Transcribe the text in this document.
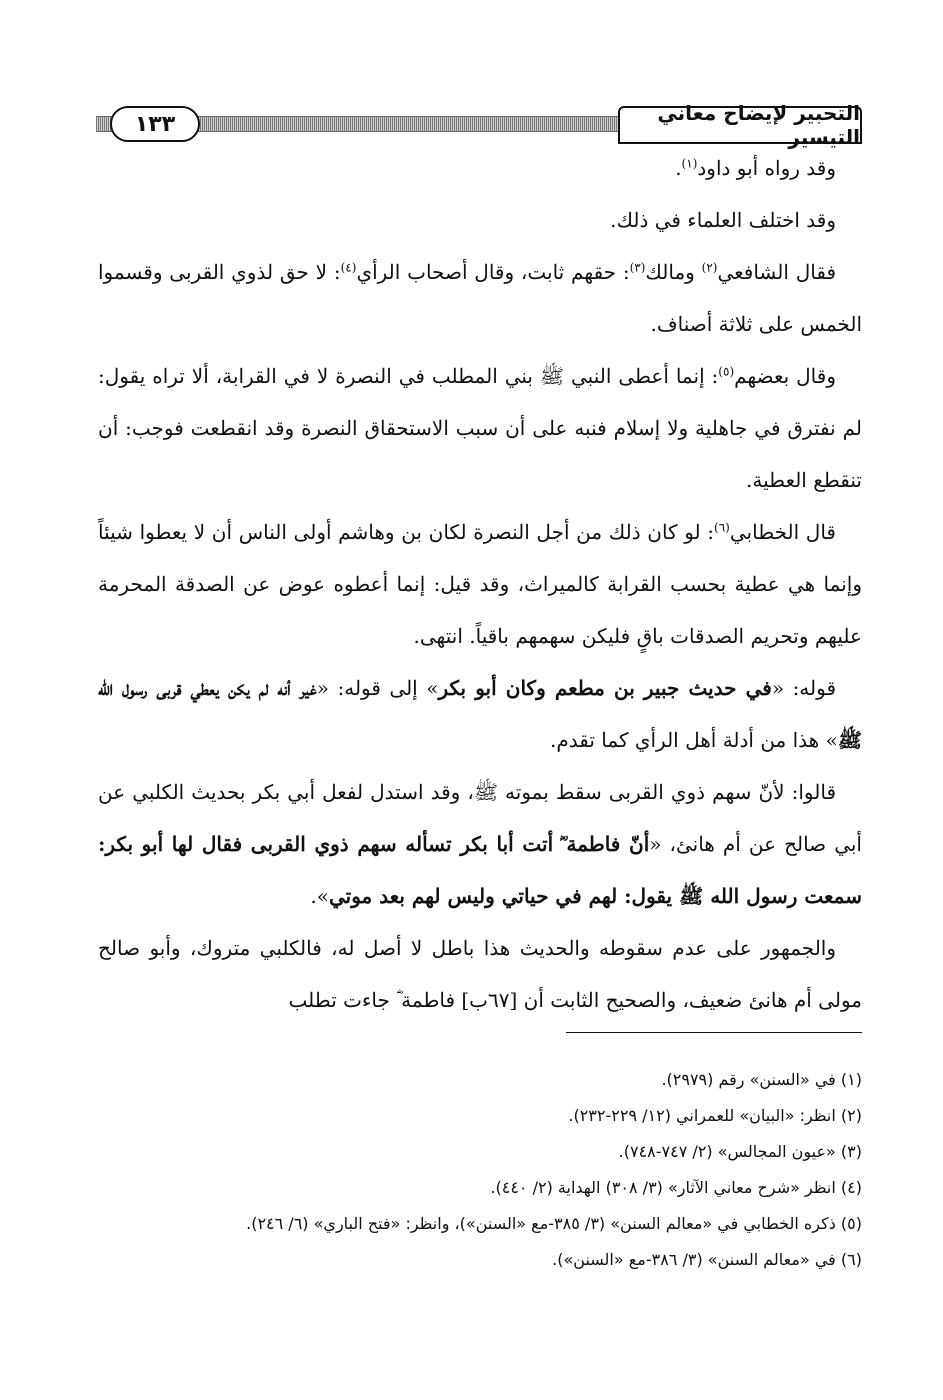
١٣٣	التحبير لإيضاح معاني التيسير

وقد رواه أبو داود$^{(١)}$.

وقد اختلف العلماء في ذلك.

فقال الشافعي$^{(٢)}$ ومالك$^{(٣)}$: حقهم ثابت، وقال أصحاب الرأي$^{(٤)}$: لا حق لذوي القربى وقسموا الخمس على ثلاثة أصناف.

وقال بعضهم$^{(٥)}$: إنما أعطى النبي ﷺ بني المطلب في النصرة لا في القرابة، ألا تراه يقول: لم نفترق في جاهلية ولا إسلام فنبه على أن سبب الاستحقاق النصرة وقد انقطعت فوجب: أن تنقطع العطية.

قال الخطابي$^{(٦)}$: لو كان ذلك من أجل النصرة لكان بن وهاشم أولى الناس أن لا يعطوا شيئاً وإنما هي عطية بحسب القرابة كالميراث، وقد قيل: إنما أعطوه عوض عن الصدقة المحرمة عليهم وتحريم الصدقات باقٍ فليكن سهمهم باقياً. انتهى.

قوله: «في حديث جبير بن مطعم وكان أبو بكر» إلى قوله: «غير أنه لم يكن يعطي قربى رسول الله ﷺ» هذا من أدلة أهل الرأي كما تقدم.

قالوا: لأنّ سهم ذوي القربى سقط بموته ﷺ، وقد استدل لفعل أبي بكر بحديث الكلبي عن أبي صالح عن أم هانئ، «أنّ فاطمة ؓ أتت أبا بكر تسأله سهم ذوي القربى فقال لها أبو بكر: سمعت رسول الله ﷺ يقول: لهم في حياتي وليس لهم بعد موتي».

والجمهور على عدم سقوطه والحديث هذا باطل لا أصل له، فالكلبي متروك، وأبو صالح مولى أم هانئ ضعيف، والصحيح الثابت أن [٦٧ب] فاطمة ؓ جاءت تطلب

(١) في «السنن» رقم (٢٩٧٩).

(٢) انظر: «البيان» للعمراني (١٢/ ٢٢٩-٢٣٢).

(٣) «عيون المجالس» (٢/ ٧٤٧-٧٤٨).

(٤) انظر «شرح معاني الآثار» (٣/ ٣٠٨) الهداية (٢/ ٤٤٠).

(٥) ذكره الخطابي في «معالم السنن» (٣/ ٣٨٥-مع «السنن»)، وانظر: «فتح الباري» (٦/ ٢٤٦).

(٦) في «معالم السنن» (٣/ ٣٨٦-مع «السنن»).
